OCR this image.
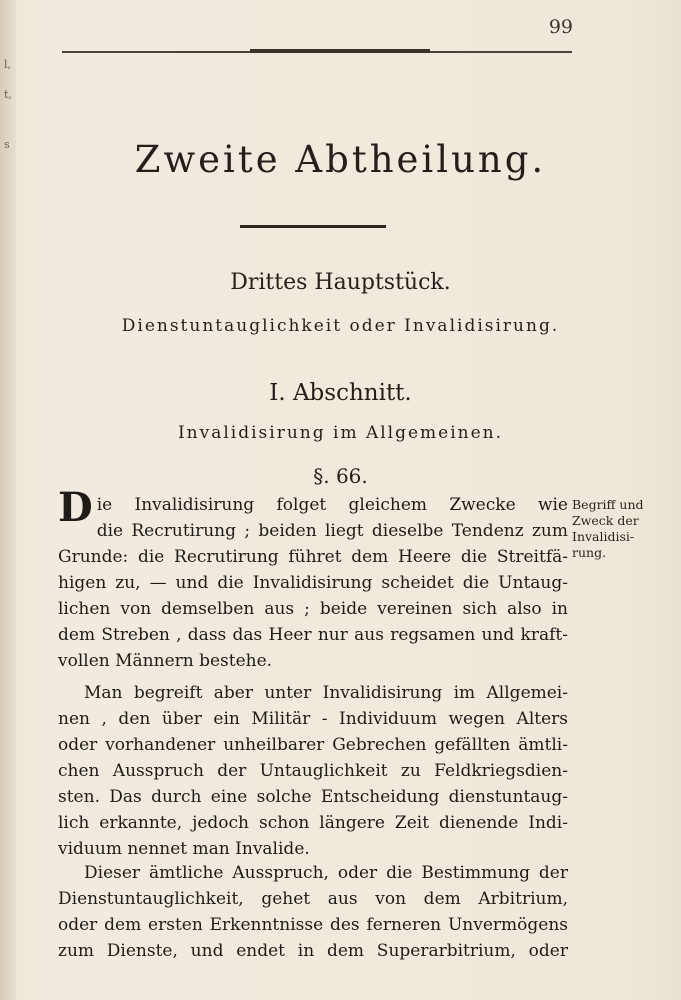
l,
t,
s
99
Zweite Abtheilung.
Drittes Hauptstück.
Dienstuntauglichkeit oder Invalidisirung.
I. Abschnitt.
Invalidisirung im Allgemeinen.
§. 66.
D ie Invalidisirung folget gleichem Zwecke wie
die Recrutirung ; beiden liegt dieselbe Tendenz zum
Grunde: die Recrutirung führet dem Heere die Streitfä-
higen zu, — und die Invalidisirung scheidet die Untaug-
lichen von demselben aus ; beide vereinen sich also in
dem Streben , dass das Heer nur aus regsamen und kraft-
vollen Männern bestehe.
Man begreift aber unter Invalidisirung im Allgemei-
nen , den über ein Militär - Individuum wegen Alters
oder vorhandener unheilbarer Gebrechen gefällten ämtli-
chen Ausspruch der Untauglichkeit zu Feldkriegsdien-
sten. Das durch eine solche Entscheidung dienstuntaug-
lich erkannte, jedoch schon längere Zeit dienende Indi-
viduum nennet man Invalide.
Dieser ämtliche Ausspruch, oder die Bestimmung der
Dienstuntauglichkeit, gehet aus von dem Arbitrium,
oder dem ersten Erkenntnisse des ferneren Unvermögens
zum Dienste, und endet in dem Superarbitrium, oder
Begriff und
Zweck der
Invalidisi-
rung.
